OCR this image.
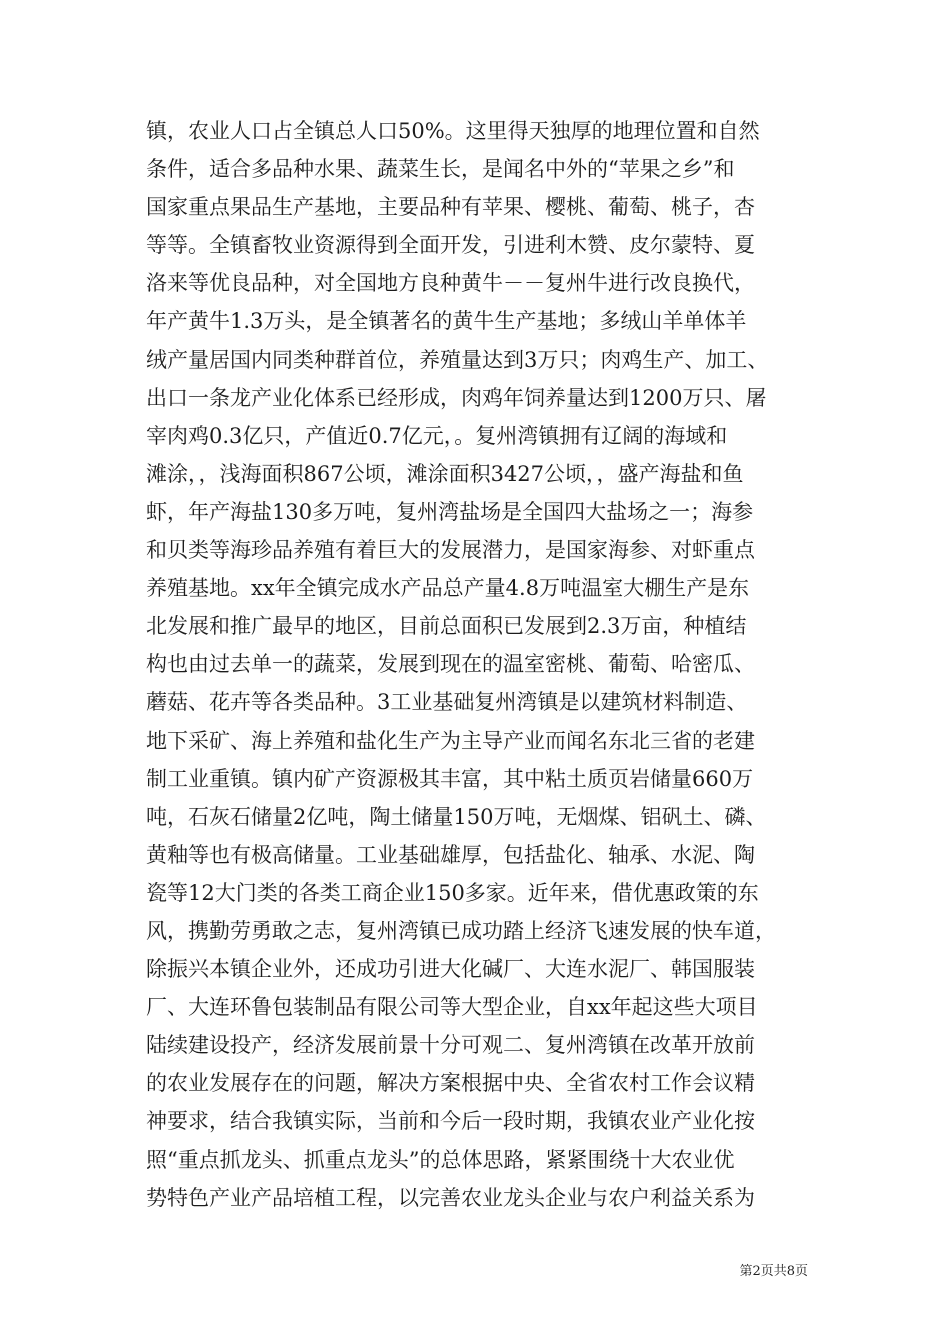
镇，农业人口占全镇总人口50%。这里得天独厚的地理位置和自然
条件，适合多品种水果、蔬菜生长，是闻名中外的“苹果之乡”和
国家重点果品生产基地，主要品种有苹果、樱桃、葡萄、桃子，杏
等等。全镇畜牧业资源得到全面开发，引进利木赞、皮尔蒙特、夏
洛来等优良品种，对全国地方良种黄牛－－复州牛进行改良换代，
年产黄牛1.3万头，是全镇著名的黄牛生产基地；多绒山羊单体羊
绒产量居国内同类种群首位，养殖量达到3万只；肉鸡生产、加工、
出口一条龙产业化体系已经形成，肉鸡年饲养量达到1200万只、屠
宰肉鸡0.3亿只，产值近0.7亿元，。复州湾镇拥有辽阔的海域和
滩涂，，浅海面积867公顷，滩涂面积3427公顷，，盛产海盐和鱼
虾，年产海盐130多万吨，复州湾盐场是全国四大盐场之一；海参
和贝类等海珍品养殖有着巨大的发展潜力，是国家海参、对虾重点
养殖基地。xx年全镇完成水产品总产量4.8万吨温室大棚生产是东
北发展和推广最早的地区，目前总面积已发展到2.3万亩，种植结
构也由过去单一的蔬菜，发展到现在的温室密桃、葡萄、哈密瓜、
蘑菇、花卉等各类品种。3工业基础复州湾镇是以建筑材料制造、
地下采矿、海上养殖和盐化生产为主导产业而闻名东北三省的老建
制工业重镇。镇内矿产资源极其丰富，其中粘土质页岩储量660万
吨，石灰石储量2亿吨，陶土储量150万吨，无烟煤、铝矾土、磷、
黄釉等也有极高储量。工业基础雄厚，包括盐化、轴承、水泥、陶
瓷等12大门类的各类工商企业150多家。近年来，借优惠政策的东
风，携勤劳勇敢之志，复州湾镇已成功踏上经济飞速发展的快车道，
除振兴本镇企业外，还成功引进大化碱厂、大连水泥厂、韩国服装
厂、大连环鲁包装制品有限公司等大型企业，自xx年起这些大项目
陆续建设投产，经济发展前景十分可观二、复州湾镇在改革开放前
的农业发展存在的问题，解决方案根据中央、全省农村工作会议精
神要求，结合我镇实际，当前和今后一段时期，我镇农业产业化按
照“重点抓龙头、抓重点龙头”的总体思路，紧紧围绕十大农业优
势特色产业产品培植工程，以完善农业龙头企业与农户利益关系为
第2页共8页
